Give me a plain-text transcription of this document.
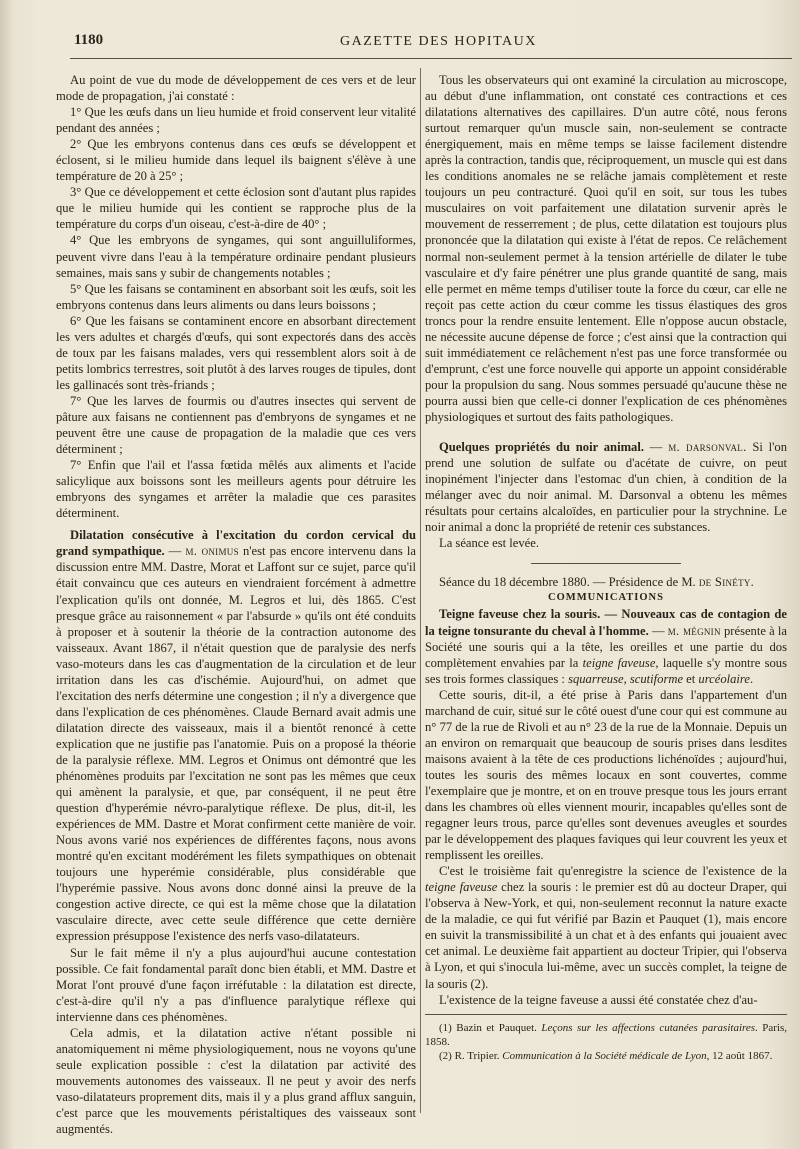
1180	GAZETTE DES HOPITAUX

Au point de vue du mode de développement de ces vers et de leur mode de propagation, j'ai constaté :

1° Que les œufs dans un lieu humide et froid conservent leur vitalité pendant des années ;

2° Que les embryons contenus dans ces œufs se développent et éclosent, si le milieu humide dans lequel ils baignent s'élève à une température de 20 à 25° ;

3° Que ce développement et cette éclosion sont d'autant plus rapides que le milieu humide qui les contient se rapproche plus de la température du corps d'un oiseau, c'est-à-dire de 40° ;

4° Que les embryons de syngames, qui sont anguilluliformes, peuvent vivre dans l'eau à la température ordinaire pendant plusieurs semaines, mais sans y subir de changements notables ;

5° Que les faisans se contaminent en absorbant soit les œufs, soit les embryons contenus dans leurs aliments ou dans leurs boissons ;

6° Que les faisans se contaminent encore en absorbant directement les vers adultes et chargés d'œufs, qui sont expectorés dans des accès de toux par les faisans malades, vers qui ressemblent alors soit à de petits lombrics terrestres, soit plutôt à des larves rouges de tipules, dont les gallinacés sont très-friands ;

7° Que les larves de fourmis ou d'autres insectes qui servent de pâture aux faisans ne contiennent pas d'embryons de syngames et ne peuvent être une cause de propagation de la maladie que ces vers déterminent ;

7° Enfin que l'ail et l'assa fœtida mêlés aux aliments et l'acide salicylique aux boissons sont les meilleurs agents pour détruire les embryons des syngames et arrêter la maladie que ces parasites déterminent.

Dilatation consécutive à l'excitation du cordon cervical du grand sympathique. — m. onimus n'est pas encore intervenu dans la discussion entre MM. Dastre, Morat et Laffont sur ce sujet, parce qu'il était convaincu que ces auteurs en viendraient forcément à admettre l'explication qu'ils ont donnée, M. Legros et lui, dès 1865. C'est presque grâce au raisonnement « par l'absurde » qu'ils ont été conduits à proposer et à soutenir la théorie de la contraction autonome des vaisseaux. Avant 1867, il n'était question que de paralysie des nerfs vaso-moteurs dans les cas d'augmentation de la circulation et de leur irritation dans les cas d'ischémie. Aujourd'hui, on admet que l'excitation des nerfs détermine une congestion ; il n'y a divergence que dans l'explication de ces phénomènes. Claude Bernard avait admis une dilatation directe des vaisseaux, mais il a bientôt renoncé à cette explication que ne justifie pas l'anatomie. Puis on a proposé la théorie de la paralysie réflexe. MM. Legros et Onimus ont démontré que les phénomènes produits par l'excitation ne sont pas les mêmes que ceux qui amènent la paralysie, et que, par conséquent, il ne peut être question d'hyperémie névro-paralytique réflexe. De plus, dit-il, les expériences de MM. Dastre et Morat confirment cette manière de voir. Nous avons varié nos expériences de différentes façons, nous avons montré qu'en excitant modérément les filets sympathiques on obtenait toujours une hyperémie considérable, plus considérable que l'hyperémie passive. Nous avons donc donné ainsi la preuve de la congestion active directe, ce qui est la même chose que la dilatation vasculaire directe, avec cette seule différence que cette dernière expression présuppose l'existence des nerfs vaso-dilatateurs.

Sur le fait même il n'y a plus aujourd'hui aucune contestation possible. Ce fait fondamental paraît donc bien établi, et MM. Dastre et Morat l'ont prouvé d'une façon irréfutable : la dilatation est directe, c'est-à-dire qu'il n'y a pas d'influence paralytique réflexe qui intervienne dans ces phénomènes.

Cela admis, et la dilatation active n'étant possible ni anatomiquement ni même physiologiquement, nous ne voyons qu'une seule explication possible : c'est la dilatation par activité des mouvements autonomes des vaisseaux. Il ne peut y avoir des nerfs vaso-dilatateurs proprement dits, mais il y a plus grand afflux sanguin, c'est parce que les mouvements péristaltiques des vaisseaux sont augmentés.

Tous les observateurs qui ont examiné la circulation au microscope, au début d'une inflammation, ont constaté ces contractions et ces dilatations alternatives des capillaires. D'un autre côté, nous ferons surtout remarquer qu'un muscle sain, non-seulement se contracte énergiquement, mais en même temps se laisse facilement distendre après la contraction, tandis que, réciproquement, un muscle qui est dans les conditions anomales ne se relâche jamais complètement et reste toujours un peu contracturé. Quoi qu'il en soit, sur tous les tubes musculaires on voit parfaitement une dilatation survenir après le mouvement de resserrement ; de plus, cette dilatation est toujours plus prononcée que la dilatation qui existe à l'état de repos. Ce relâchement normal non-seulement permet à la tension artérielle de dilater le tube vasculaire et d'y faire pénétrer une plus grande quantité de sang, mais elle permet en même temps d'utiliser toute la force du cœur, car elle ne reçoit pas cette action du cœur comme les tissus élastiques des gros troncs pour la rendre ensuite lentement. Elle n'oppose aucun obstacle, ne nécessite aucune dépense de force ; c'est ainsi que la contraction qui suit immédiatement ce relâchement n'est pas une force transformée ou d'emprunt, c'est une force nouvelle qui apporte un appoint considérable pour la propulsion du sang. Nous sommes persuadé qu'aucune thèse ne pourra aussi bien que celle-ci donner l'explication de ces phénomènes physiologiques et surtout des faits pathologiques.

Quelques propriétés du noir animal. — m. darsonval. Si l'on prend une solution de sulfate ou d'acétate de cuivre, on peut inopinément l'injecter dans l'estomac d'un chien, à condition de la mélanger avec du noir animal. M. Darsonval a obtenu les mêmes résultats pour certains alcaloïdes, en particulier pour la strychnine. Le noir animal a donc la propriété de retenir ces substances.

La séance est levée.

Séance du 18 décembre 1880. — Présidence de M. de Sinéty.

COMMUNICATIONS

Teigne faveuse chez la souris. — Nouveaux cas de contagion de la teigne tonsurante du cheval à l'homme. — m. mégnin présente à la Société une souris qui a la tête, les oreilles et une partie du dos complètement envahies par la teigne faveuse, laquelle s'y montre sous ses trois formes classiques : squarreuse, scutiforme et urcéolaire.

Cette souris, dit-il, a été prise à Paris dans l'appartement d'un marchand de cuir, situé sur le côté ouest d'une cour qui est commune au n° 77 de la rue de Rivoli et au n° 23 de la rue de la Monnaie. Depuis un an environ on remarquait que beaucoup de souris prises dans lesdites maisons avaient à la tête de ces productions lichénoïdes ; aujourd'hui, toutes les souris des mêmes locaux en sont couvertes, comme l'exemplaire que je montre, et on en trouve presque tous les jours errant dans les chambres où elles viennent mourir, incapables qu'elles sont de regagner leurs trous, parce qu'elles sont devenues aveugles et sourdes par le développement des plaques faviques qui leur couvrent les yeux et remplissent les oreilles.

C'est le troisième fait qu'enregistre la science de l'existence de la teigne faveuse chez la souris : le premier est dû au docteur Draper, qui l'observa à New-York, et qui, non-seulement reconnut la nature exacte de la maladie, ce qui fut vérifié par Bazin et Pauquet (1), mais encore en suivit la transmissibilité à un chat et à des enfants qui jouaient avec cet animal. Le deuxième fait appartient au docteur Tripier, qui l'observa à Lyon, et qui s'inocula lui-même, avec un succès complet, la teigne de la souris (2).

L'existence de la teigne faveuse a aussi été constatée chez d'au-

(1) Bazin et Pauquet. Leçons sur les affections cutanées parasitaires. Paris, 1858.

(2) R. Tripier. Communication à la Société médicale de Lyon, 12 août 1867.
